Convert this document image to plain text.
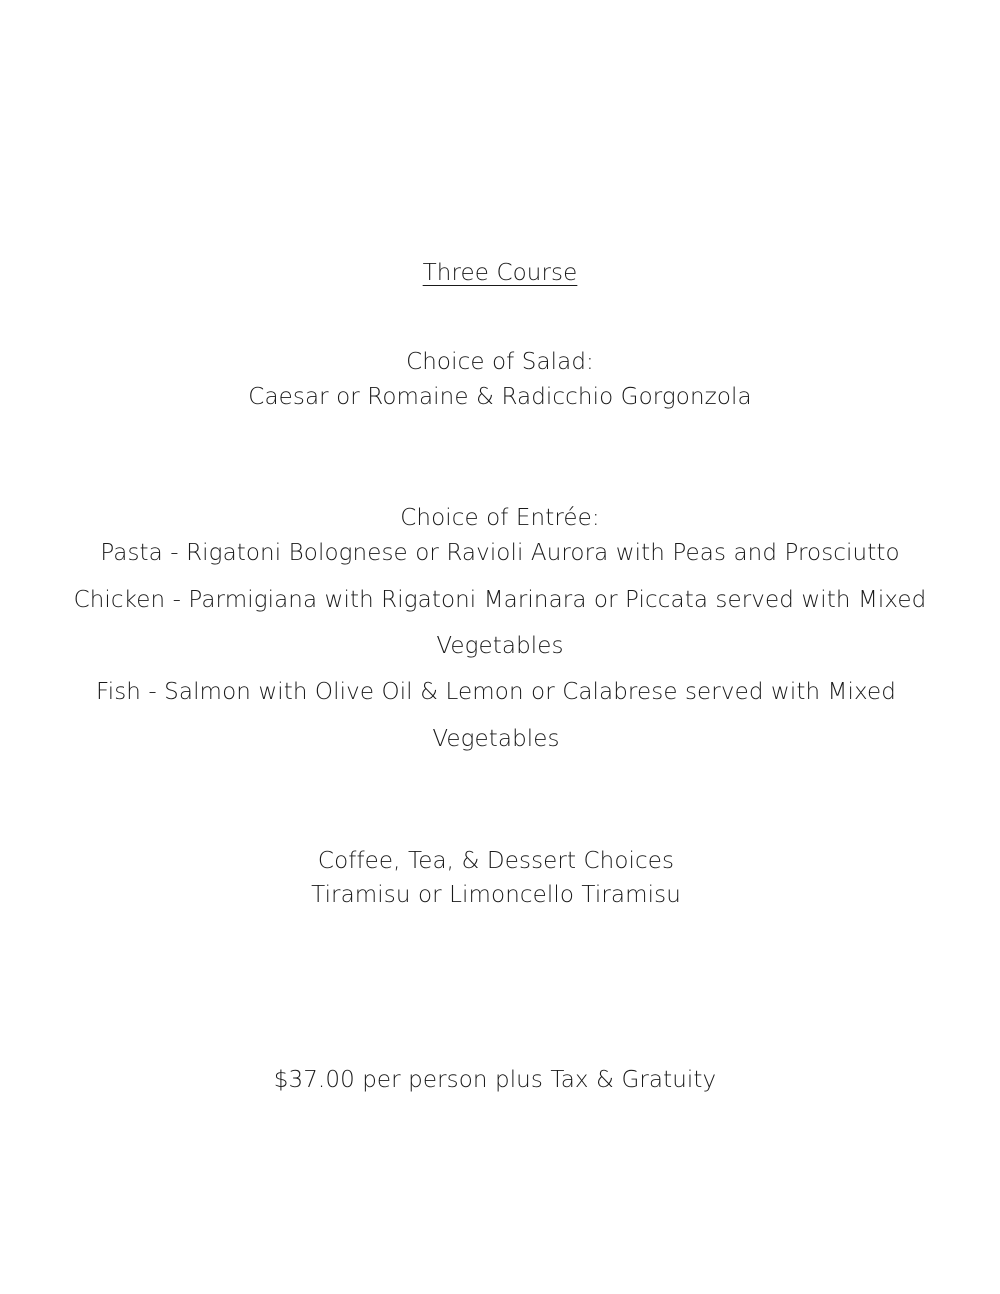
Three Course
Choice of Salad:
Caesar or Romaine & Radicchio Gorgonzola
Choice of Entrée:
Pasta - Rigatoni Bolognese or Ravioli Aurora with Peas and Prosciutto
Chicken - Parmigiana with Rigatoni Marinara or Piccata served with Mixed
Vegetables
Fish - Salmon with Olive Oil & Lemon or Calabrese served with Mixed
Vegetables
Coffee, Tea, & Dessert Choices
Tiramisu or Limoncello Tiramisu
$37.00 per person plus Tax & Gratuity
